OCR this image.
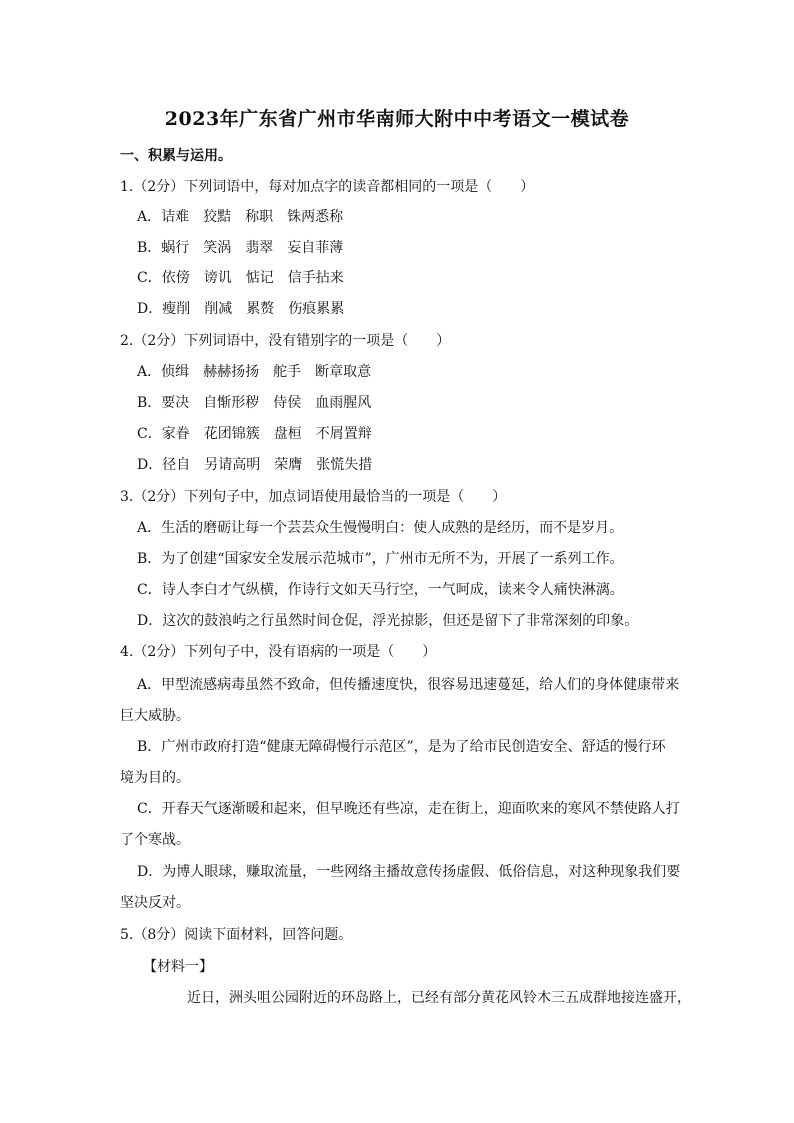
2023年广东省广州市华南师大附中中考语文一模试卷
一、积累与运用。
1.（2分）下列词语中，每对加点字的读音都相同的一项是（　　）
A．诘难 狡黠 称职 铢两悉称
B．蜗行 笑涡 翡翠 妄自菲薄
C．依傍 谤讥 惦记 信手拈来
D．瘦削 削减 累赘 伤痕累累
2.（2分）下列词语中，没有错别字的一项是（　　）
A．侦缉 赫赫扬扬 舵手 断章取意
B．要决 自惭形秽 侍侯 血雨腥风
C．家眷 花团锦簇 盘桓 不屑置辩
D．径自 另请高明 荣膺 张慌失措
3.（2分）下列句子中，加点词语使用最恰当的一项是（　　）
A．生活的磨砺让每一个芸芸众生慢慢明白：使人成熟的是经历，而不是岁月。
B．为了创建“国家安全发展示范城市”，广州市无所不为，开展了一系列工作。
C．诗人李白才气纵横，作诗行文如天马行空，一气呵成，读来令人痛快淋漓。
D．这次的鼓浪屿之行虽然时间仓促，浮光掠影，但还是留下了非常深刻的印象。
4.（2分）下列句子中，没有语病的一项是（　　）
A．甲型流感病毒虽然不致命，但传播速度快，很容易迅速蔓延，给人们的身体健康带来
巨大威胁。
B．广州市政府打造“健康无障碍慢行示范区”，是为了给市民创造安全、舒适的慢行环
境为目的。
C．开春天气逐渐暖和起来，但早晚还有些凉，走在街上，迎面吹来的寒风不禁使路人打
了个寒战。
D．为博人眼球，赚取流量，一些网络主播故意传扬虚假、低俗信息，对这种现象我们要
坚决反对。
5.（8分）阅读下面材料，回答问题。
【材料一】
近日，洲头咀公园附近的环岛路上，已经有部分黄花风铃木三五成群地接连盛开，
